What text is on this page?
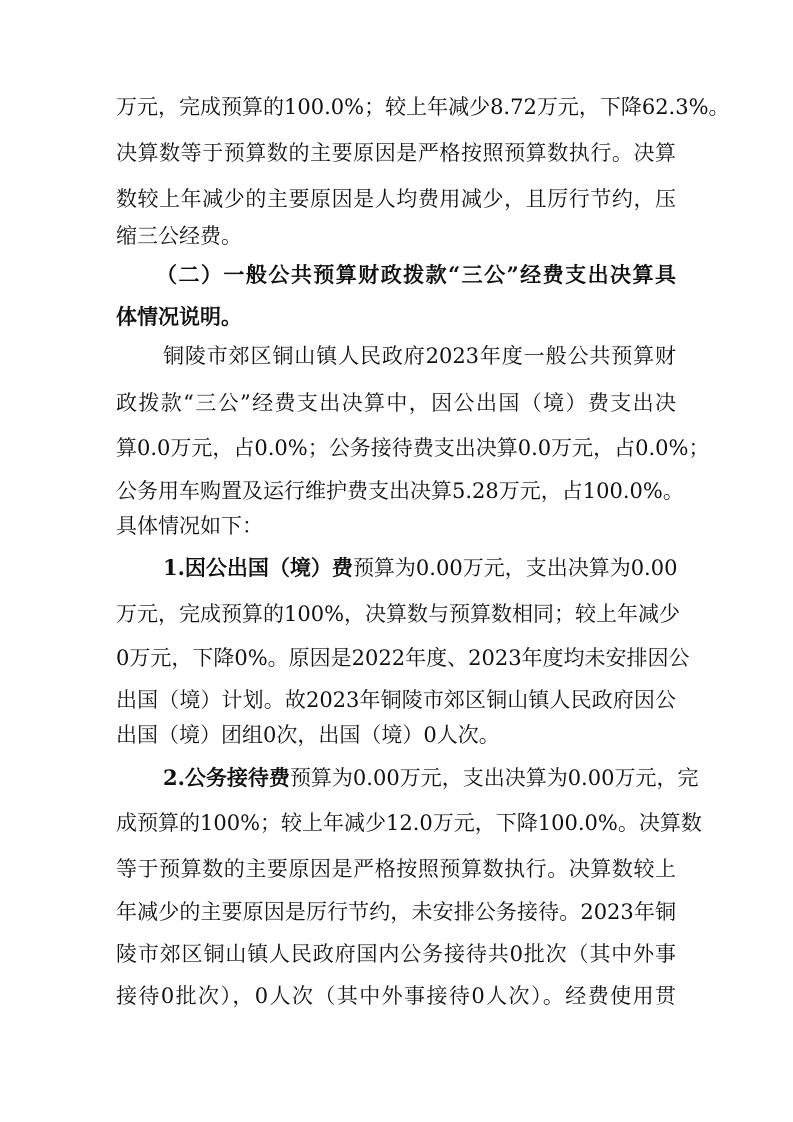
万元，完成预算的100.0%；较上年减少8.72万元，下降62.3%。
决算数等于预算数的主要原因是严格按照预算数执行。决算
数较上年减少的主要原因是人均费用减少，且厉行节约，压
缩三公经费。
（二）一般公共预算财政拨款“三公”经费支出决算具
体情况说明。
铜陵市郊区铜山镇人民政府2023年度一般公共预算财
政拨款“三公”经费支出决算中，因公出国（境）费支出决
算0.0万元，占0.0%；公务接待费支出决算0.0万元，占0.0%；
公务用车购置及运行维护费支出决算5.28万元，占100.0%。
具体情况如下：
1.因公出国（境）费预算为0.00万元，支出决算为0.00
万元，完成预算的100%，决算数与预算数相同；较上年减少
0万元，下降0%。原因是2022年度、2023年度均未安排因公
出国（境）计划。故2023年铜陵市郊区铜山镇人民政府因公
出国（境）团组0次，出国（境）0人次。
2.公务接待费预算为0.00万元，支出决算为0.00万元，完
成预算的100%；较上年减少12.0万元，下降100.0%。决算数
等于预算数的主要原因是严格按照预算数执行。决算数较上
年减少的主要原因是厉行节约，未安排公务接待。2023年铜
陵市郊区铜山镇人民政府国内公务接待共0批次（其中外事
接待0批次），0人次（其中外事接待0人次）。经费使用贯
